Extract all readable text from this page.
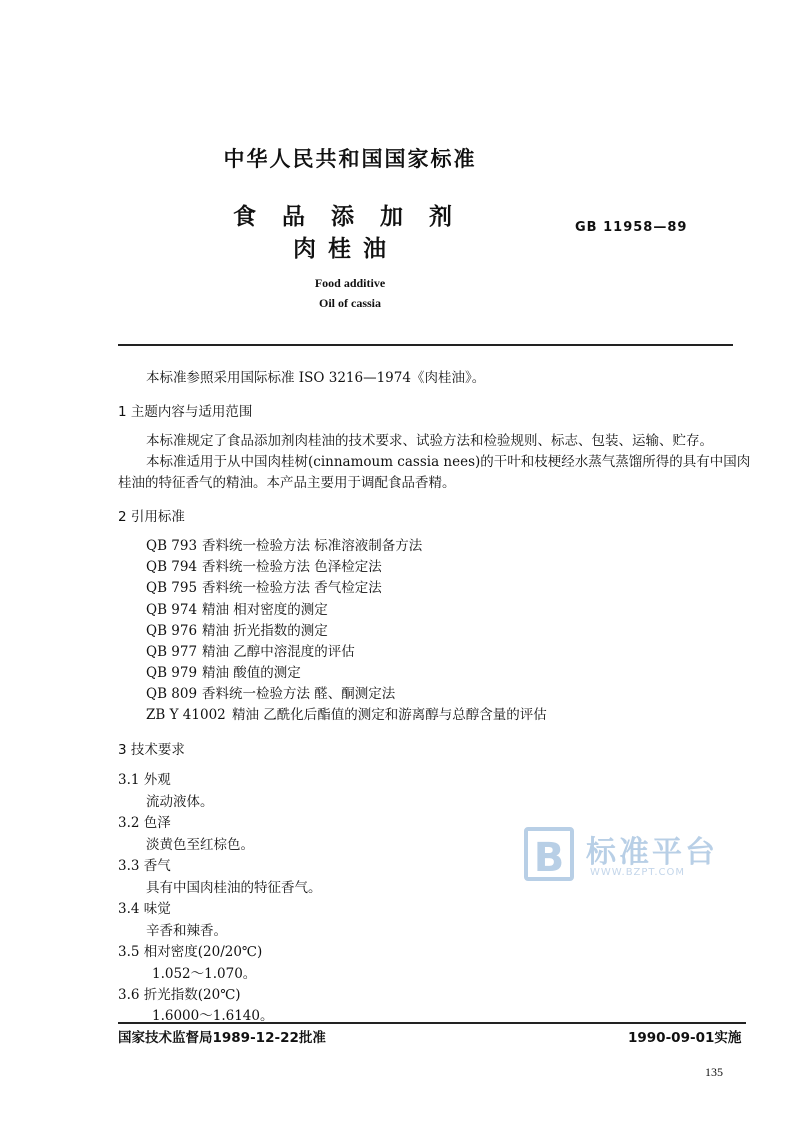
中华人民共和国国家标准
食品添加剂
肉桂油
GB 11958—89
Food additive
Oil of cassia
本标准参照采用国际标准 ISO 3216—1974《肉桂油》。
1 主题内容与适用范围
本标准规定了食品添加剂肉桂油的技术要求、试验方法和检验规则、标志、包装、运输、贮存。
本标准适用于从中国肉桂树(cinnamoum cassia nees)的干叶和枝梗经水蒸气蒸馏所得的具有中国肉
桂油的特征香气的精油。本产品主要用于调配食品香精。
2 引用标准
QB 793 香料统一检验方法 标准溶液制备方法
QB 794 香料统一检验方法 色泽检定法
QB 795 香料统一检验方法 香气检定法
QB 974 精油 相对密度的测定
QB 976 精油 折光指数的测定
QB 977 精油 乙醇中溶混度的评估
QB 979 精油 酸值的测定
QB 809 香料统一检验方法 醛、酮测定法
ZB Y 41002 精油 乙酰化后酯值的测定和游离醇与总醇含量的评估
3 技术要求
3.1 外观
流动液体。
3.2 色泽
淡黄色至红棕色。
3.3 香气
具有中国肉桂油的特征香气。
3.4 味觉
辛香和辣香。
3.5 相对密度(20/20℃)
1.052～1.070。
3.6 折光指数(20℃)
1.6000～1.6140。
国家技术监督局1989-12-22批准	1990-09-01实施
B 标准平台
WWW.BZPT.COM
135
